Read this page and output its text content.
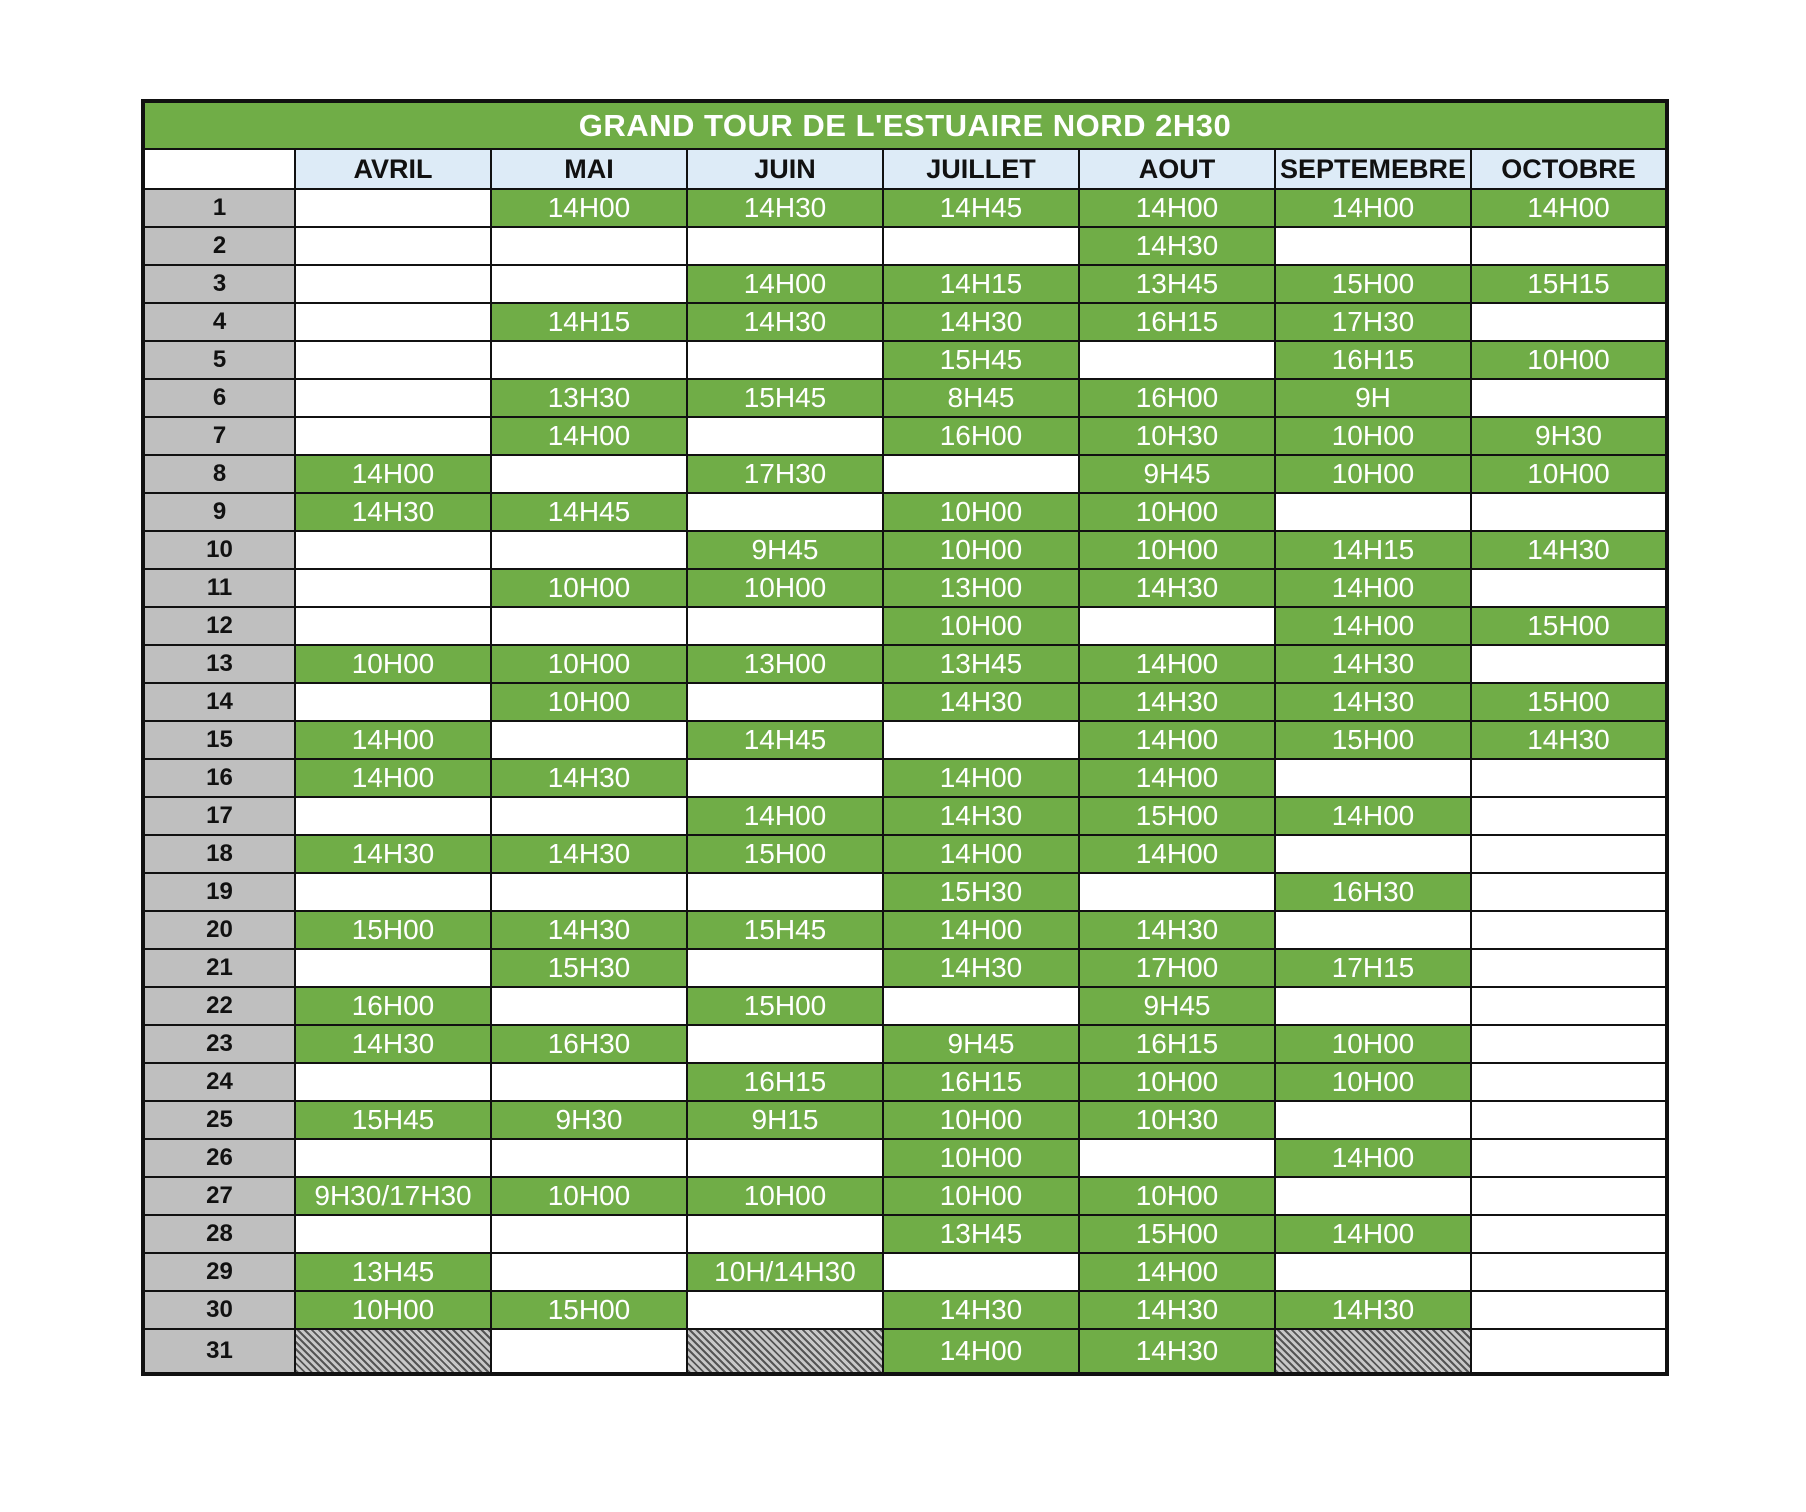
GRAND TOUR DE L'ESTUAIRE NORD 2H30							
	AVRIL	MAI	JUIN	JUILLET	AOUT	SEPTEMEBRE	OCTOBRE
1		14H00	14H30	14H45	14H00	14H00	14H00
2					14H30		
3			14H00	14H15	13H45	15H00	15H15
4		14H15	14H30	14H30	16H15	17H30	
5				15H45		16H15	10H00
6		13H30	15H45	8H45	16H00	9H	
7		14H00		16H00	10H30	10H00	9H30
8	14H00		17H30		9H45	10H00	10H00
9	14H30	14H45		10H00	10H00		
10			9H45	10H00	10H00	14H15	14H30
11		10H00	10H00	13H00	14H30	14H00	
12				10H00		14H00	15H00
13	10H00	10H00	13H00	13H45	14H00	14H30	
14		10H00		14H30	14H30	14H30	15H00
15	14H00		14H45		14H00	15H00	14H30
16	14H00	14H30		14H00	14H00		
17			14H00	14H30	15H00	14H00	
18	14H30	14H30	15H00	14H00	14H00		
19				15H30		16H30	
20	15H00	14H30	15H45	14H00	14H30		
21		15H30		14H30	17H00	17H15	
22	16H00		15H00		9H45		
23	14H30	16H30		9H45	16H15	10H00	
24			16H15	16H15	10H00	10H00	
25	15H45	9H30	9H15	10H00	10H30		
26				10H00		14H00	
27	9H30/17H30	10H00	10H00	10H00	10H00		
28				13H45	15H00	14H00	
29	13H45		10H/14H30		14H00		
30	10H00	15H00		14H30	14H30	14H30	
31				14H00	14H30		
